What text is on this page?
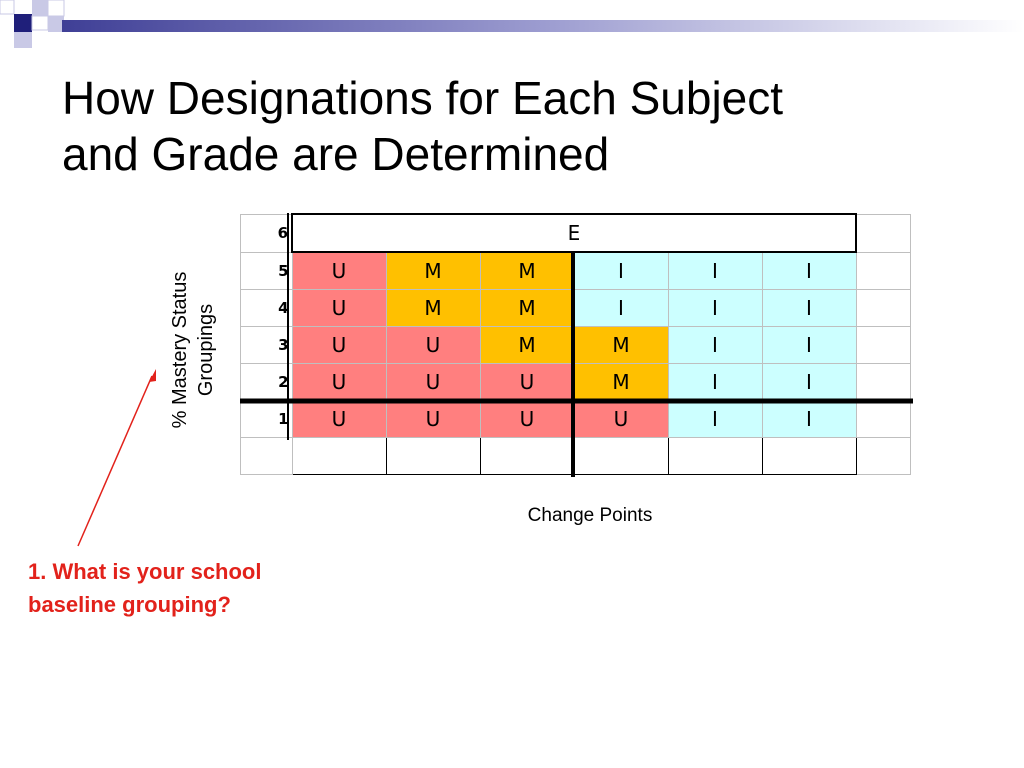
How Designations for Each Subject
and Grade are Determined
% Mastery Status Groupings
6	E						
5	U	M	M	I	I	I	
4	U	M	M	I	I	I	
3	U	U	M	M	I	I	
2	U	U	U	M	I	I	
1	U	U	U	U	I	I	

Change Points
1. What is your school
baseline grouping?
